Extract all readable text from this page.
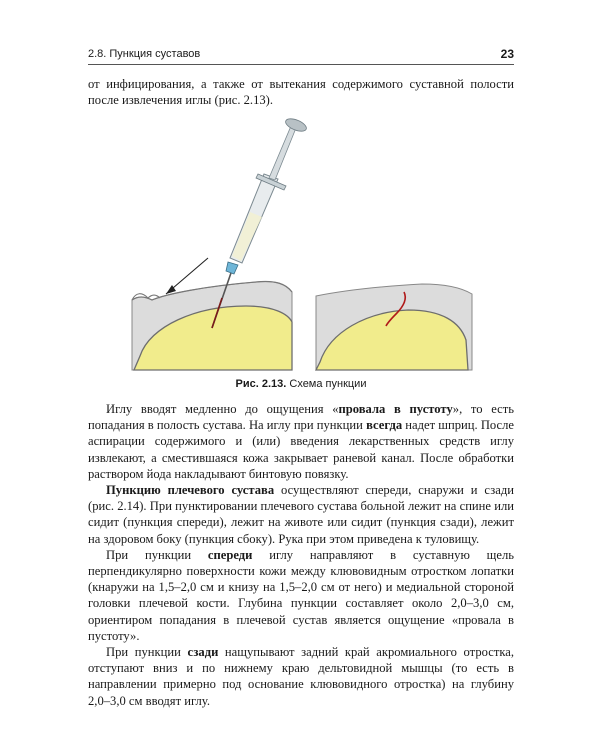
2.8. Пункция суставов	23

от инфицирования, а также от вытекания содержимого суставной полости после извлечения иглы (рис. 2.13).

Рис. 2.13. Схема пункции

Иглу вводят медленно до ощущения «провала в пустоту», то есть попадания в полость сустава. На иглу при пункции всегда надет шприц. После аспирации содержимого и (или) введения лекарственных средств иглу извлекают, а сместившаяся кожа закрывает раневой канал. После обработки раствором йода накладывают бинтовую повязку.

Пункцию плечевого сустава осуществляют спереди, снаружи и сзади (рис. 2.14). При пунктировании плечевого сустава больной лежит на спине или сидит (пункция спереди), лежит на животе или сидит (пункция сзади), лежит на здоровом боку (пункция сбоку). Рука при этом приведена к туловищу.

При пункции спереди иглу направляют в суставную щель перпендикулярно поверхности кожи между клювовидным отростком лопатки (кнаружи на 1,5–2,0 см и книзу на 1,5–2,0 см от него) и медиальной стороной головки плечевой кости. Глубина пункции составляет около 2,0–3,0 см, ориентиром попадания в плечевой сустав является ощущение «провала в пустоту».

При пункции сзади нащупывают задний край акромиального отростка, отступают вниз и по нижнему краю дельтовидной мышцы (то есть в направлении примерно под основание клювовидного отростка) на глубину 2,0–3,0 см вводят иглу.
